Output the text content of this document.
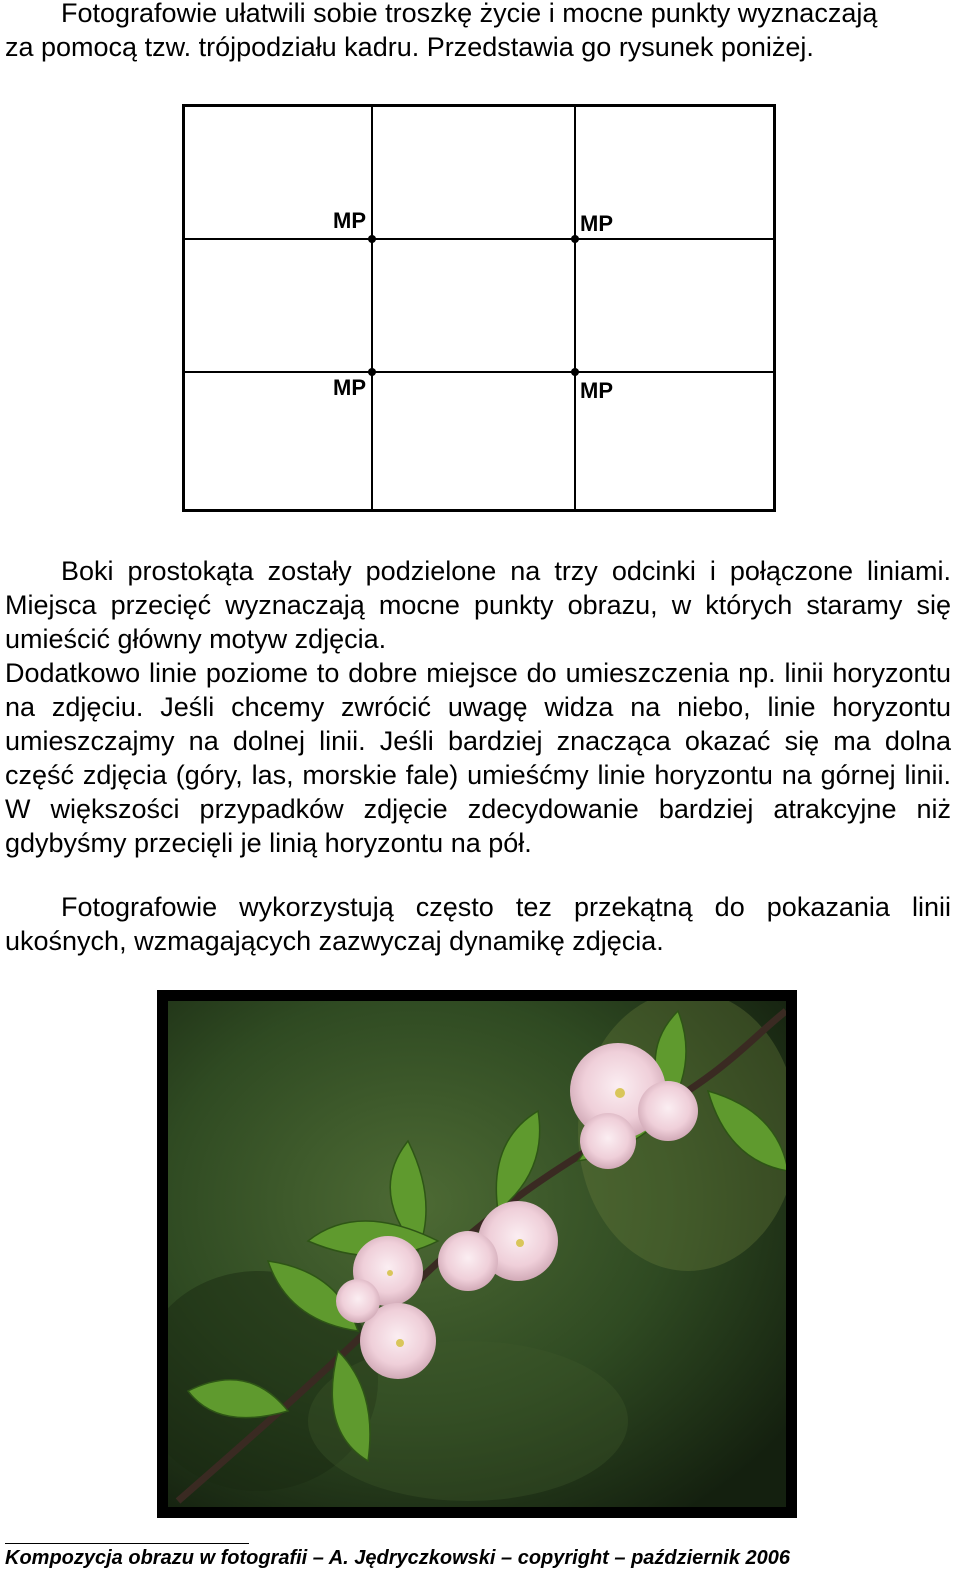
Fotografowie ułatwili sobie troszkę życie i mocne punkty wyznaczają
za pomocą tzw. trójpodziału kadru. Przedstawia go rysunek poniżej.
MP	MP
MP	MP
Boki prostokąta zostały podzielone na trzy odcinki i połączone liniami. Miejsca przecięć wyznaczają mocne punkty obrazu, w których staramy się umieścić główny motyw zdjęcia.
Dodatkowo linie poziome to dobre miejsce do umieszczenia np. linii horyzontu na zdjęciu. Jeśli chcemy zwrócić uwagę widza na niebo, linie horyzontu umieszczajmy na dolnej linii. Jeśli bardziej znacząca okazać się ma dolna część zdjęcia (góry, las, morskie fale) umieśćmy linie horyzontu na górnej linii. W większości przypadków zdjęcie zdecydowanie bardziej atrakcyjne niż gdybyśmy przecięli je linią horyzontu na pół.
Fotografowie wykorzystują często tez przekątną do pokazania linii ukośnych, wzmagających zazwyczaj dynamikę zdjęcia.
Kompozycja obrazu w fotografii – A. Jędryczkowski – copyright – październik 2006
